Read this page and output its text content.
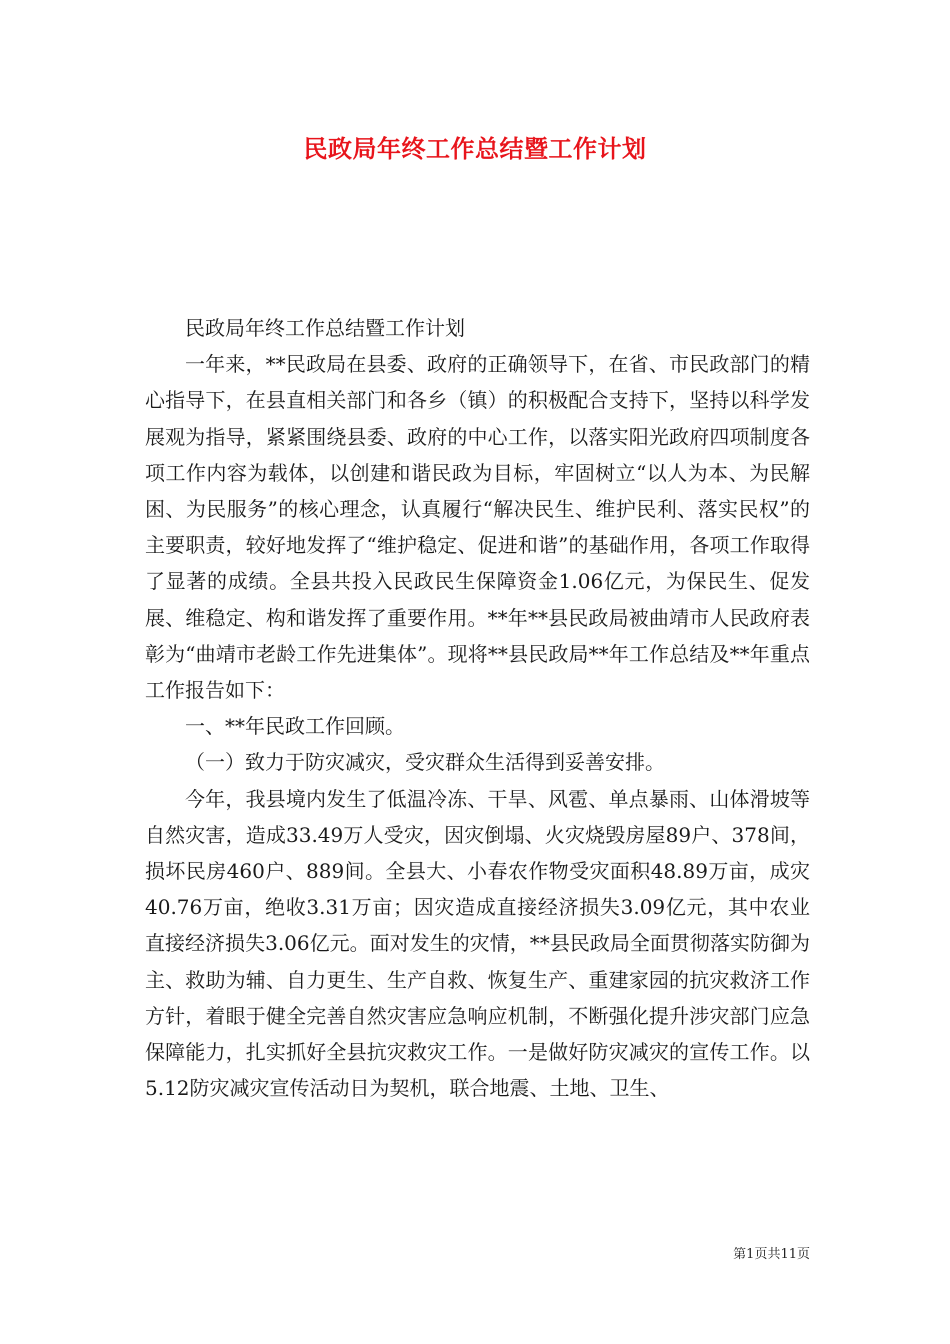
民政局年终工作总结暨工作计划

民政局年终工作总结暨工作计划

一年来，**民政局在县委、政府的正确领导下，在省、市民政部门的精心指导下，在县直相关部门和各乡（镇）的积极配合支持下，坚持以科学发展观为指导，紧紧围绕县委、政府的中心工作，以落实阳光政府四项制度各项工作内容为载体，以创建和谐民政为目标，牢固树立“以人为本、为民解困、为民服务”的核心理念，认真履行“解决民生、维护民利、落实民权”的主要职责，较好地发挥了“维护稳定、促进和谐”的基础作用，各项工作取得了显著的成绩。全县共投入民政民生保障资金1.06亿元，为保民生、促发展、维稳定、构和谐发挥了重要作用。**年**县民政局被曲靖市人民政府表彰为“曲靖市老龄工作先进集体”。现将**县民政局**年工作总结及**年重点工作报告如下：

一、**年民政工作回顾。

（一）致力于防灾减灾，受灾群众生活得到妥善安排。

今年，我县境内发生了低温冷冻、干旱、风雹、单点暴雨、山体滑坡等自然灾害，造成33.49万人受灾，因灾倒塌、火灾烧毁房屋89户、378间，损坏民房460户、889间。全县大、小春农作物受灾面积48.89万亩，成灾40.76万亩，绝收3.31万亩；因灾造成直接经济损失3.09亿元，其中农业直接经济损失3.06亿元。面对发生的灾情，**县民政局全面贯彻落实防御为主、救助为辅、自力更生、生产自救、恢复生产、重建家园的抗灾救济工作方针，着眼于健全完善自然灾害应急响应机制，不断强化提升涉灾部门应急保障能力，扎实抓好全县抗灾救灾工作。一是做好防灾减灾的宣传工作。以5.12防灾减灾宣传活动日为契机，联合地震、土地、卫生、

第1页共11页
